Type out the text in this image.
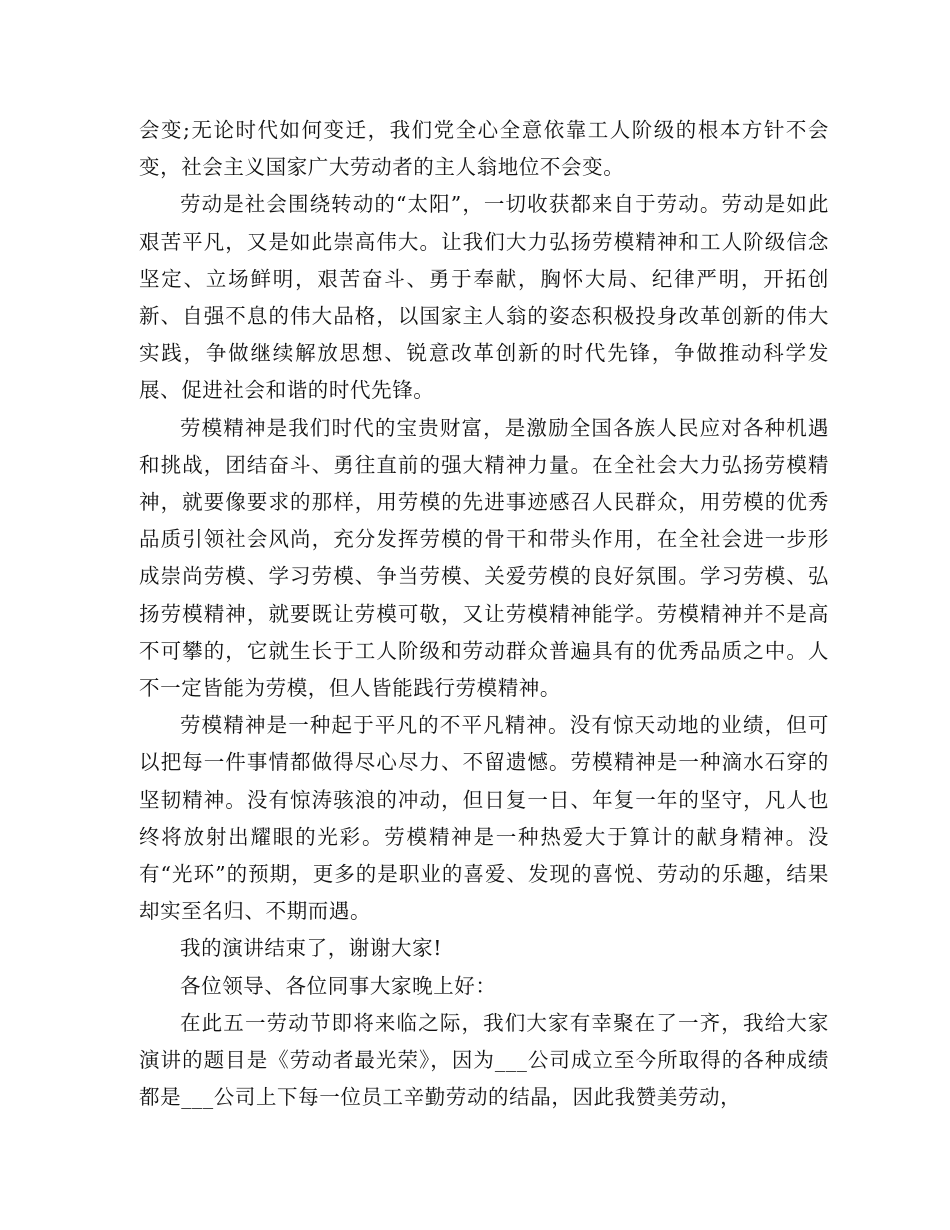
会变;无论时代如何变迁，我们党全心全意依靠工人阶级的根本方针不会变，社会主义国家广大劳动者的主人翁地位不会变。

劳动是社会围绕转动的“太阳”，一切收获都来自于劳动。劳动是如此艰苦平凡，又是如此崇高伟大。让我们大力弘扬劳模精神和工人阶级信念坚定、立场鲜明，艰苦奋斗、勇于奉献，胸怀大局、纪律严明，开拓创新、自强不息的伟大品格，以国家主人翁的姿态积极投身改革创新的伟大实践，争做继续解放思想、锐意改革创新的时代先锋，争做推动科学发展、促进社会和谐的时代先锋。

劳模精神是我们时代的宝贵财富，是激励全国各族人民应对各种机遇和挑战，团结奋斗、勇往直前的强大精神力量。在全社会大力弘扬劳模精神，就要像要求的那样，用劳模的先进事迹感召人民群众，用劳模的优秀品质引领社会风尚，充分发挥劳模的骨干和带头作用，在全社会进一步形成崇尚劳模、学习劳模、争当劳模、关爱劳模的良好氛围。学习劳模、弘扬劳模精神，就要既让劳模可敬，又让劳模精神能学。劳模精神并不是高不可攀的，它就生长于工人阶级和劳动群众普遍具有的优秀品质之中。人不一定皆能为劳模，但人皆能践行劳模精神。

劳模精神是一种起于平凡的不平凡精神。没有惊天动地的业绩，但可以把每一件事情都做得尽心尽力、不留遗憾。劳模精神是一种滴水石穿的坚韧精神。没有惊涛骇浪的冲动，但日复一日、年复一年的坚守，凡人也终将放射出耀眼的光彩。劳模精神是一种热爱大于算计的献身精神。没有“光环”的预期，更多的是职业的喜爱、发现的喜悦、劳动的乐趣，结果却实至名归、不期而遇。

我的演讲结束了，谢谢大家!

各位领导、各位同事大家晚上好：

在此五一劳动节即将来临之际，我们大家有幸聚在了一齐，我给大家演讲的题目是《劳动者最光荣》，因为___公司成立至今所取得的各种成绩都是___公司上下每一位员工辛勤劳动的结晶，因此我赞美劳动，
